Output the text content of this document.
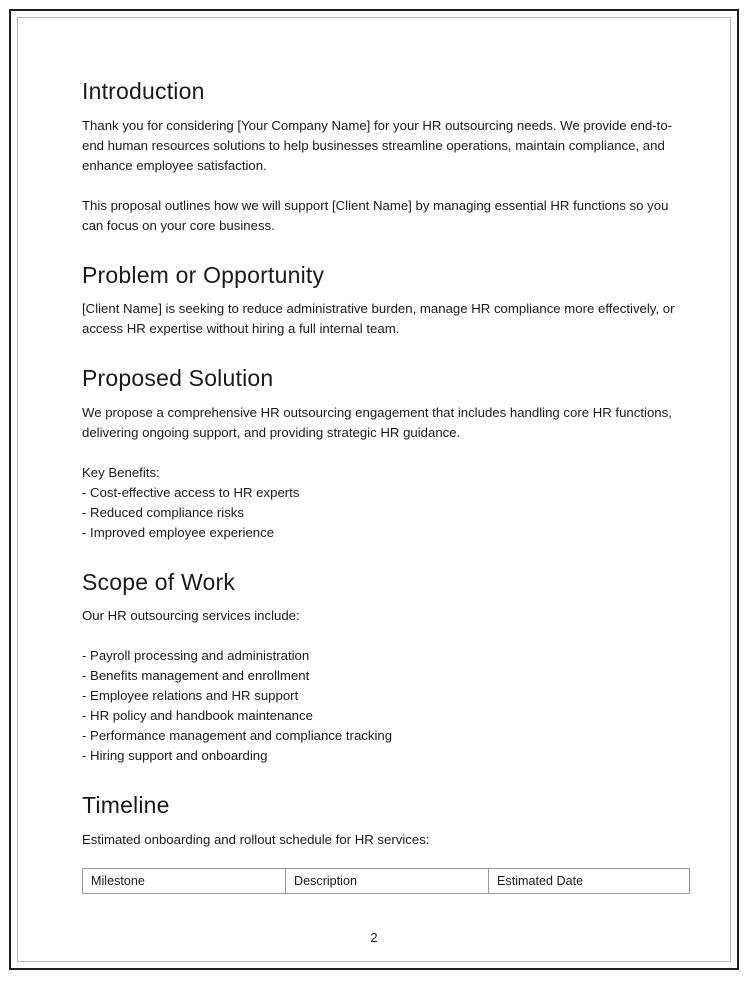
Introduction

Thank you for considering [Your Company Name] for your HR outsourcing needs. We provide end-to-end human resources solutions to help businesses streamline operations, maintain compliance, and enhance employee satisfaction.

This proposal outlines how we will support [Client Name] by managing essential HR functions so you can focus on your core business.

Problem or Opportunity

[Client Name] is seeking to reduce administrative burden, manage HR compliance more effectively, or access HR expertise without hiring a full internal team.

Proposed Solution

We propose a comprehensive HR outsourcing engagement that includes handling core HR functions, delivering ongoing support, and providing strategic HR guidance.

Key Benefits:
- Cost-effective access to HR experts
- Reduced compliance risks
- Improved employee experience
Scope of Work

Our HR outsourcing services include:

- Payroll processing and administration
- Benefits management and enrollment
- Employee relations and HR support
- HR policy and handbook maintenance
- Performance management and compliance tracking
- Hiring support and onboarding
Timeline

Estimated onboarding and rollout schedule for HR services:

Milestone	Description	Estimated Date
2
